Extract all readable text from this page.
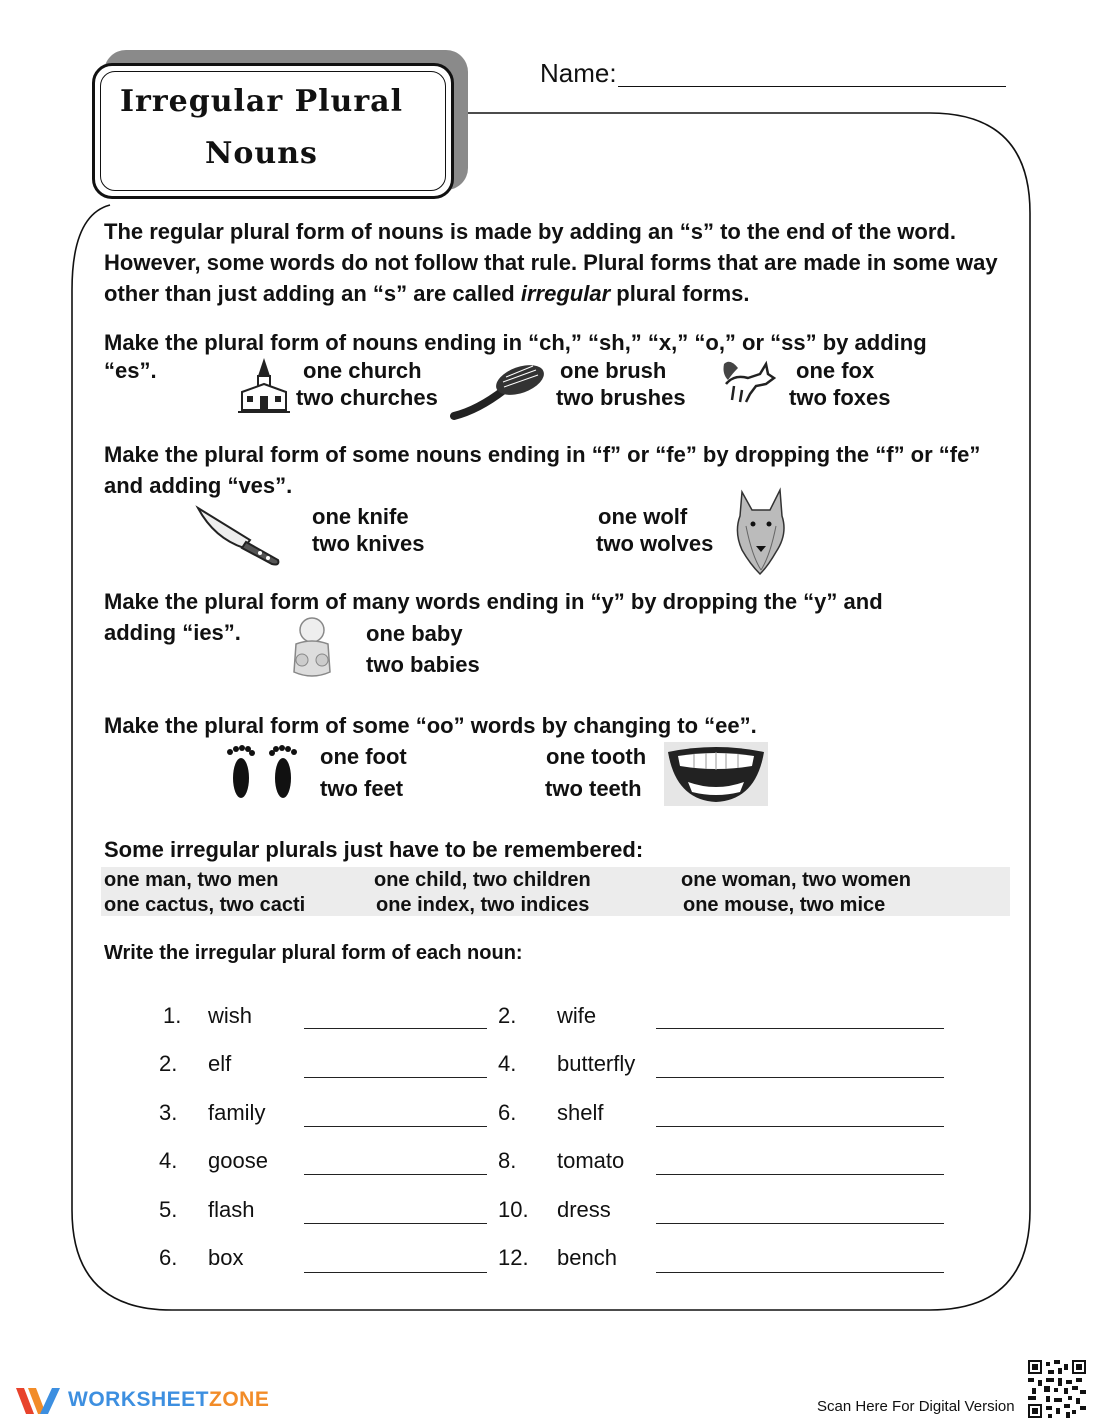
Irregular Plural
Nouns
Name:
The regular plural form of nouns is made by adding an “s” to the end of the word. However, some words do not follow that rule. Plural forms that are made in some way other than just adding an “s” are called irregular plural forms.
Make the plural form of nouns ending in “ch,” “sh,” “x,” “o,” or “ss” by adding
“es”.	one church
two churches
one brush
two brushes
one fox
two foxes
Make the plural form of some nouns ending in “f” or “fe” by dropping the “f” or “fe” and adding “ves”.
one knife
two knives
one wolf
two wolves
Make the plural form of many words ending in “y” by dropping the “y” and
adding “ies”.	one baby
two babies
Make the plural form of some “oo” words by changing to “ee”.
one foot
two feet
one tooth
two teeth
Some irregular plurals just have to be remembered:
one man, two men	one child, two children	one woman, two women
one cactus, two cacti	one index, two indices	one mouse, two mice
Write the irregular plural form of each noun:
1. wish	2. wife
2. elf	4. butterfly
3. family	6. shelf
4. goose	8. tomato
5. flash	10. dress
6. box	12. bench
WORKSHEETZONE	Scan Here For Digital Version
